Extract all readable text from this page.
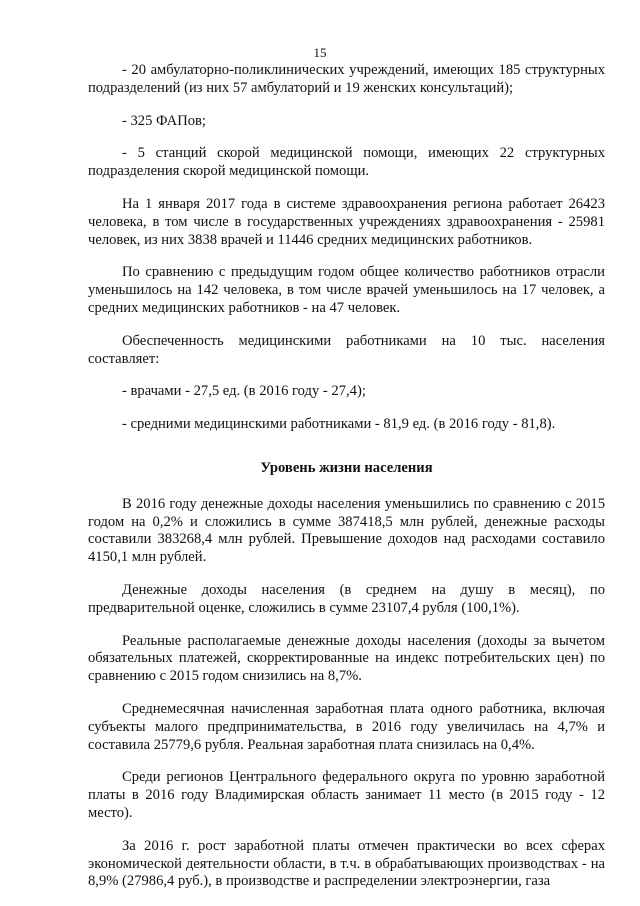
15

- 20 амбулаторно-поликлинических учреждений, имеющих 185 структурных подразделений (из них 57 амбулаторий и 19 женских консультаций);

- 325 ФАПов;

- 5 станций скорой медицинской помощи, имеющих 22 структурных подразделения скорой медицинской помощи.

На 1 января 2017 года в системе здравоохранения региона работает 26423 человека, в том числе в государственных учреждениях здравоохранения - 25981 человек, из них 3838 врачей и 11446 средних медицинских работников.

По сравнению с предыдущим годом общее количество работников отрасли уменьшилось на 142 человека, в том числе врачей уменьшилось на 17 человек, а средних медицинских работников - на 47 человек.

Обеспеченность медицинскими работниками на 10 тыс. населения составляет:

- врачами - 27,5 ед. (в 2016 году - 27,4);

- средними медицинскими работниками - 81,9 ед. (в 2016 году - 81,8).

Уровень жизни населения

В 2016 году денежные доходы населения уменьшились по сравнению с 2015 годом на 0,2% и сложились в сумме 387418,5 млн рублей, денежные расходы составили 383268,4 млн рублей. Превышение доходов над расходами составило 4150,1 млн рублей.

Денежные доходы населения (в среднем на душу в месяц), по предварительной оценке, сложились в сумме 23107,4 рубля (100,1%).

Реальные располагаемые денежные доходы населения (доходы за вычетом обязательных платежей, скорректированные на индекс потребительских цен) по сравнению с 2015 годом снизились на 8,7%.

Среднемесячная начисленная заработная плата одного работника, включая субъекты малого предпринимательства, в 2016 году увеличилась на 4,7% и составила 25779,6 рубля. Реальная заработная плата снизилась на 0,4%.

Среди регионов Центрального федерального округа по уровню заработной платы в 2016 году Владимирская область занимает 11 место (в 2015 году - 12 место).

За 2016 г. рост заработной платы отмечен практически во всех сферах экономической деятельности области, в т.ч. в обрабатывающих производствах - на 8,9% (27986,4 руб.), в производстве и распределении электроэнергии, газа
